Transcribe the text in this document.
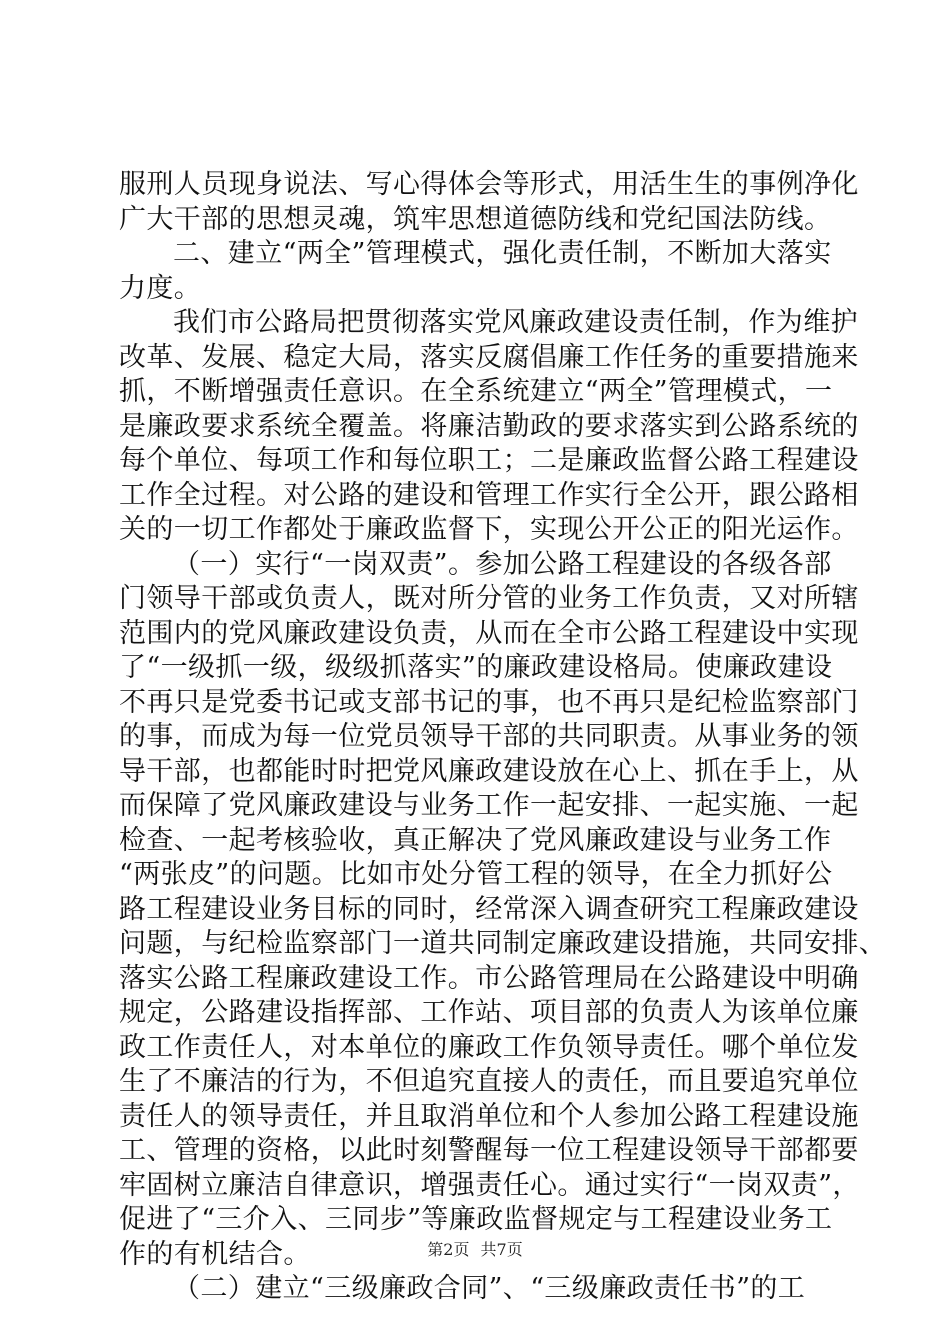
服刑人员现身说法、写心得体会等形式，用活生生的事例净化
广大干部的思想灵魂，筑牢思想道德防线和党纪国法防线。
二、建立“两全”管理模式，强化责任制，不断加大落实
力度。
我们市公路局把贯彻落实党风廉政建设责任制，作为维护
改革、发展、稳定大局，落实反腐倡廉工作任务的重要措施来
抓，不断增强责任意识。在全系统建立“两全”管理模式，一
是廉政要求系统全覆盖。将廉洁勤政的要求落实到公路系统的
每个单位、每项工作和每位职工；二是廉政监督公路工程建设
工作全过程。对公路的建设和管理工作实行全公开，跟公路相
关的一切工作都处于廉政监督下，实现公开公正的阳光运作。
（一）实行“一岗双责”。参加公路工程建设的各级各部
门领导干部或负责人，既对所分管的业务工作负责，又对所辖
范围内的党风廉政建设负责，从而在全市公路工程建设中实现
了“一级抓一级，级级抓落实”的廉政建设格局。使廉政建设
不再只是党委书记或支部书记的事，也不再只是纪检监察部门
的事，而成为每一位党员领导干部的共同职责。从事业务的领
导干部，也都能时时把党风廉政建设放在心上、抓在手上，从
而保障了党风廉政建设与业务工作一起安排、一起实施、一起
检查、一起考核验收，真正解决了党风廉政建设与业务工作
“两张皮”的问题。比如市处分管工程的领导，在全力抓好公
路工程建设业务目标的同时，经常深入调查研究工程廉政建设
问题，与纪检监察部门一道共同制定廉政建设措施，共同安排、
落实公路工程廉政建设工作。市公路管理局在公路建设中明确
规定，公路建设指挥部、工作站、项目部的负责人为该单位廉
政工作责任人，对本单位的廉政工作负领导责任。哪个单位发
生了不廉洁的行为，不但追究直接人的责任，而且要追究单位
责任人的领导责任，并且取消单位和个人参加公路工程建设施
工、管理的资格，以此时刻警醒每一位工程建设领导干部都要
牢固树立廉洁自律意识，增强责任心。通过实行“一岗双责”，
促进了“三介入、三同步”等廉政监督规定与工程建设业务工
作的有机结合。
（二）建立“三级廉政合同”、“三级廉政责任书”的工
第2页 共7页
